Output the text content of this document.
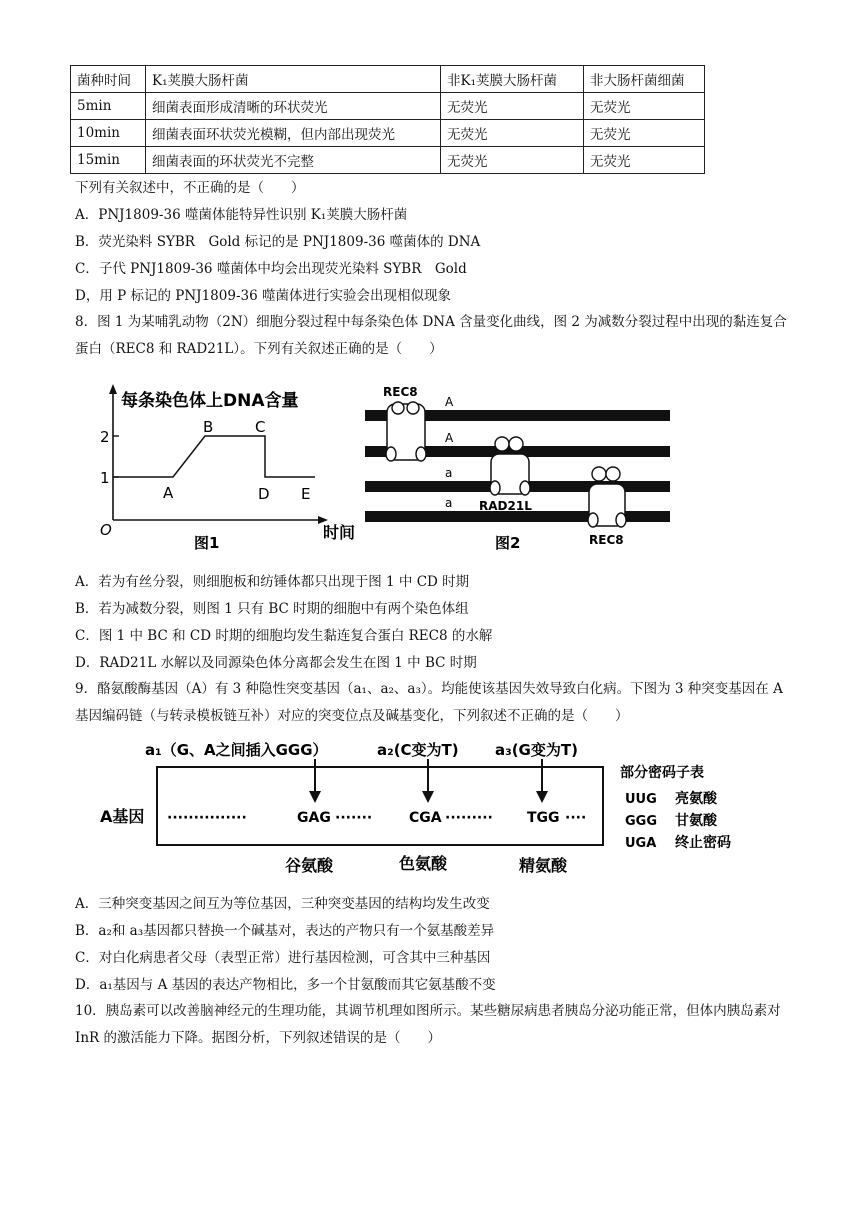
菌种时间	K₁荚膜大肠杆菌	非K₁荚膜大肠杆菌	非大肠杆菌细菌
5min	细菌表面形成清晰的环状荧光	无荧光	无荧光
10min	细菌表面环状荧光模糊，但内部出现荧光	无荧光	无荧光
15min	细菌表面的环状荧光不完整	无荧光	无荧光
下列有关叙述中，不正确的是（　　）
A．PNJ1809-36 噬菌体能特异性识别 K₁荚膜大肠杆菌
B．荧光染料 SYBR　Gold 标记的是 PNJ1809-36 噬菌体的 DNA
C．子代 PNJ1809-36 噬菌体中均会出现荧光染料 SYBR　Gold
D，用 P 标记的 PNJ1809-36 噬菌体进行实验会出现相似现象
8．图 1 为某哺乳动物（2N）细胞分裂过程中每条染色体 DNA 含量变化曲线，图 2 为减数分裂过程中出现的黏连复合蛋白（REC8 和 RAD21L）。下列有关叙述正确的是（　　）
每条染色体上DNA含量
时间
O
1
2
A
B	C
D E
图1
A
A
a
a
REC8
RAD21L
REC8
图2
A．若为有丝分裂，则细胞板和纺锤体都只出现于图 1 中 CD 时期
B．若为减数分裂，则图 1 只有 BC 时期的细胞中有两个染色体组
C．图 1 中 BC 和 CD 时期的细胞均发生黏连复合蛋白 REC8 的水解
D．RAD21L 水解以及同源染色体分离都会发生在图 1 中 BC 时期
9．酪氨酸酶基因（A）有 3 种隐性突变基因（a₁、a₂、a₃）。均能使该基因失效导致白化病。下图为 3 种突变基因在 A 基因编码链（与转录模板链互补）对应的突变位点及碱基变化，下列叙述不正确的是（　　）
a₁（G、A之间插入GGG）	a₂(C变为T) a₃(G变为T)
A基因 ···············	GAG ·······	CGA ········· TGG ····
谷氨酸	色氨酸	精氨酸
部分密码子表
UUG 亮氨酸
GGG 甘氨酸
UGA 终止密码
A．三种突变基因之间互为等位基因，三种突变基因的结构均发生改变
B．a₂和 a₃基因都只替换一个碱基对，表达的产物只有一个氨基酸差异
C．对白化病患者父母（表型正常）进行基因检测，可含其中三种基因
D．a₁基因与 A 基因的表达产物相比，多一个甘氨酸而其它氨基酸不变
10．胰岛素可以改善脑神经元的生理功能，其调节机理如图所示。某些糖尿病患者胰岛分泌功能正常，但体内胰岛素对 InR 的激活能力下降。据图分析，下列叙述错误的是（　　）
